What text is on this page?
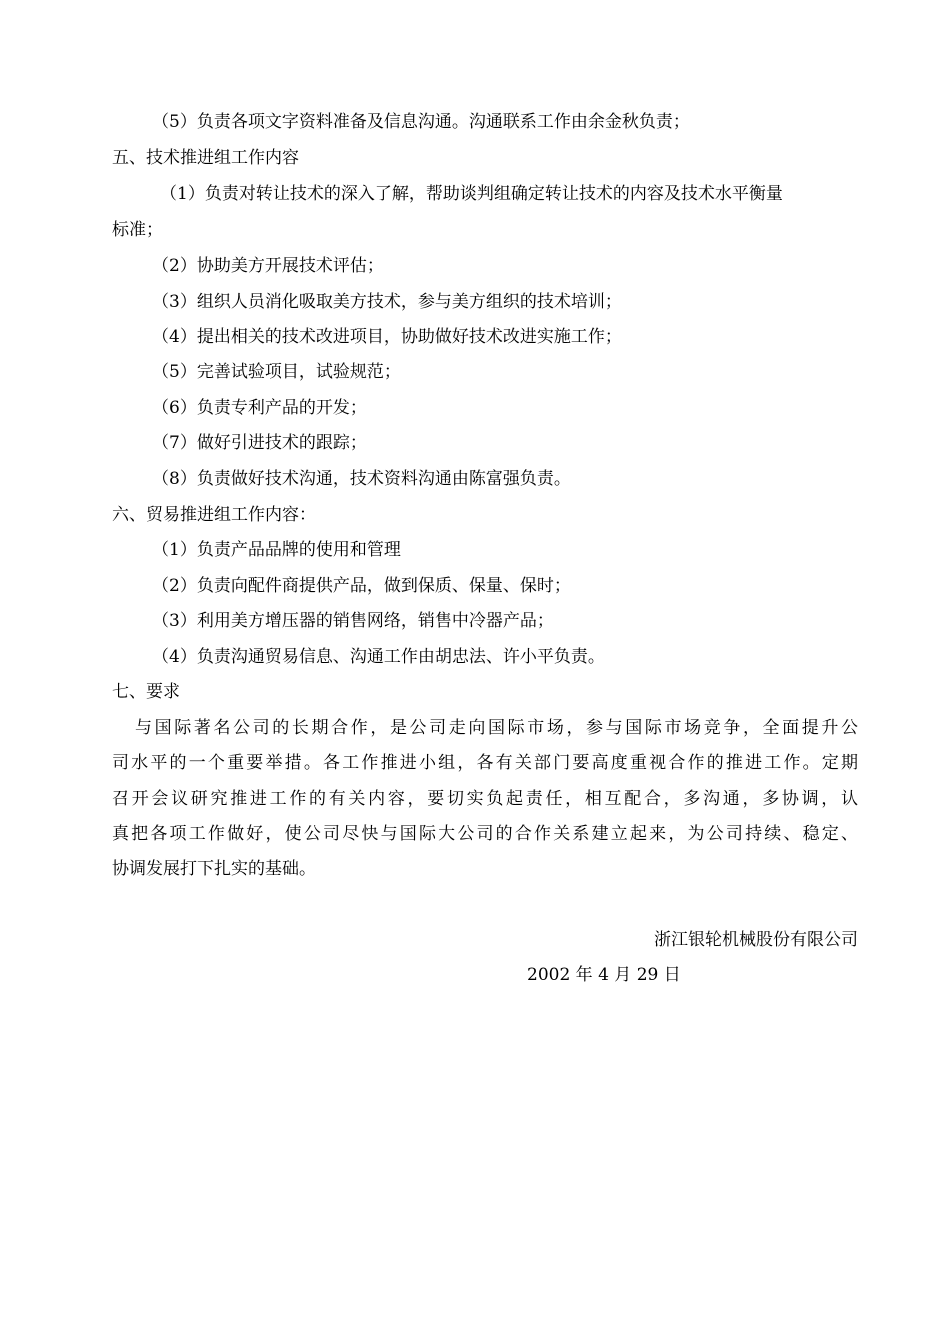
（5）负责各项文字资料准备及信息沟通。沟通联系工作由余金秋负责；
五、技术推进组工作内容
（1）负责对转让技术的深入了解，帮助谈判组确定转让技术的内容及技术水平衡量
标准；
（2）协助美方开展技术评估；
（3）组织人员消化吸取美方技术，参与美方组织的技术培训；
（4）提出相关的技术改进项目，协助做好技术改进实施工作；
（5）完善试验项目，试验规范；
（6）负责专利产品的开发；
（7）做好引进技术的跟踪；
（8）负责做好技术沟通，技术资料沟通由陈富强负责。
六、贸易推进组工作内容：
（1）负责产品品牌的使用和管理
（2）负责向配件商提供产品，做到保质、保量、保时；
（3）利用美方增压器的销售网络，销售中冷器产品；
（4）负责沟通贸易信息、沟通工作由胡忠法、许小平负责。
七、要求
与国际著名公司的长期合作，是公司走向国际市场，参与国际市场竞争，全面提升公
司水平的一个重要举措。各工作推进小组，各有关部门要高度重视合作的推进工作。定期
召开会议研究推进工作的有关内容，要切实负起责任，相互配合，多沟通，多协调，认
真把各项工作做好，使公司尽快与国际大公司的合作关系建立起来，为公司持续、稳定、
协调发展打下扎实的基础。
浙江银轮机械股份有限公司
2002 年 4 月 29 日
